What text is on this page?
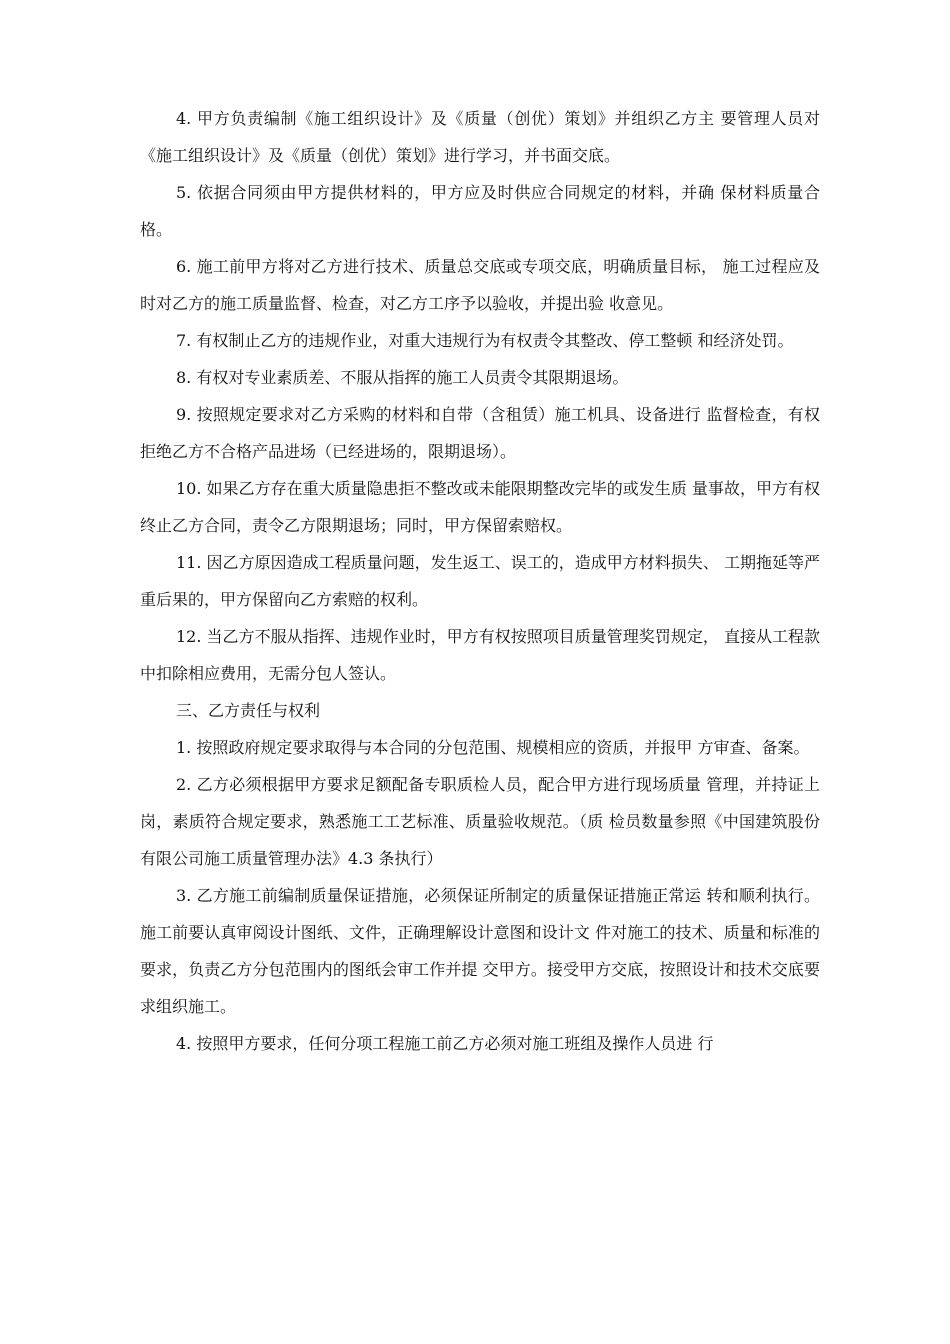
4. 甲方负责编制《施工组织设计》及《质量（创优）策划》并组织乙方主 要管理人员对《施工组织设计》及《质量（创优）策划》进行学习，并书面交底。

5. 依据合同须由甲方提供材料的，甲方应及时供应合同规定的材料，并确 保材料质量合格。

6. 施工前甲方将对乙方进行技术、质量总交底或专项交底，明确质量目标， 施工过程应及时对乙方的施工质量监督、检查，对乙方工序予以验收，并提出验 收意见。

7. 有权制止乙方的违规作业，对重大违规行为有权责令其整改、停工整顿 和经济处罚。

8. 有权对专业素质差、不服从指挥的施工人员责令其限期退场。

9. 按照规定要求对乙方采购的材料和自带（含租赁）施工机具、设备进行 监督检查，有权拒绝乙方不合格产品进场（已经进场的，限期退场）。

10. 如果乙方存在重大质量隐患拒不整改或未能限期整改完毕的或发生质 量事故，甲方有权终止乙方合同，责令乙方限期退场；同时，甲方保留索赔权。

11. 因乙方原因造成工程质量问题，发生返工、误工的，造成甲方材料损失、 工期拖延等严重后果的，甲方保留向乙方索赔的权利。

12. 当乙方不服从指挥、违规作业时，甲方有权按照项目质量管理奖罚规定， 直接从工程款中扣除相应费用，无需分包人签认。

三、乙方责任与权利

1. 按照政府规定要求取得与本合同的分包范围、规模相应的资质，并报甲 方审查、备案。

2. 乙方必须根据甲方要求足额配备专职质检人员，配合甲方进行现场质量 管理，并持证上岗，素质符合规定要求，熟悉施工工艺标准、质量验收规范。（质 检员数量参照《中国建筑股份有限公司施工质量管理办法》4.3 条执行）

3. 乙方施工前编制质量保证措施，必须保证所制定的质量保证措施正常运 转和顺利执行。施工前要认真审阅设计图纸、文件，正确理解设计意图和设计文 件对施工的技术、质量和标准的要求，负责乙方分包范围内的图纸会审工作并提 交甲方。接受甲方交底，按照设计和技术交底要求组织施工。

4. 按照甲方要求，任何分项工程施工前乙方必须对施工班组及操作人员进 行
